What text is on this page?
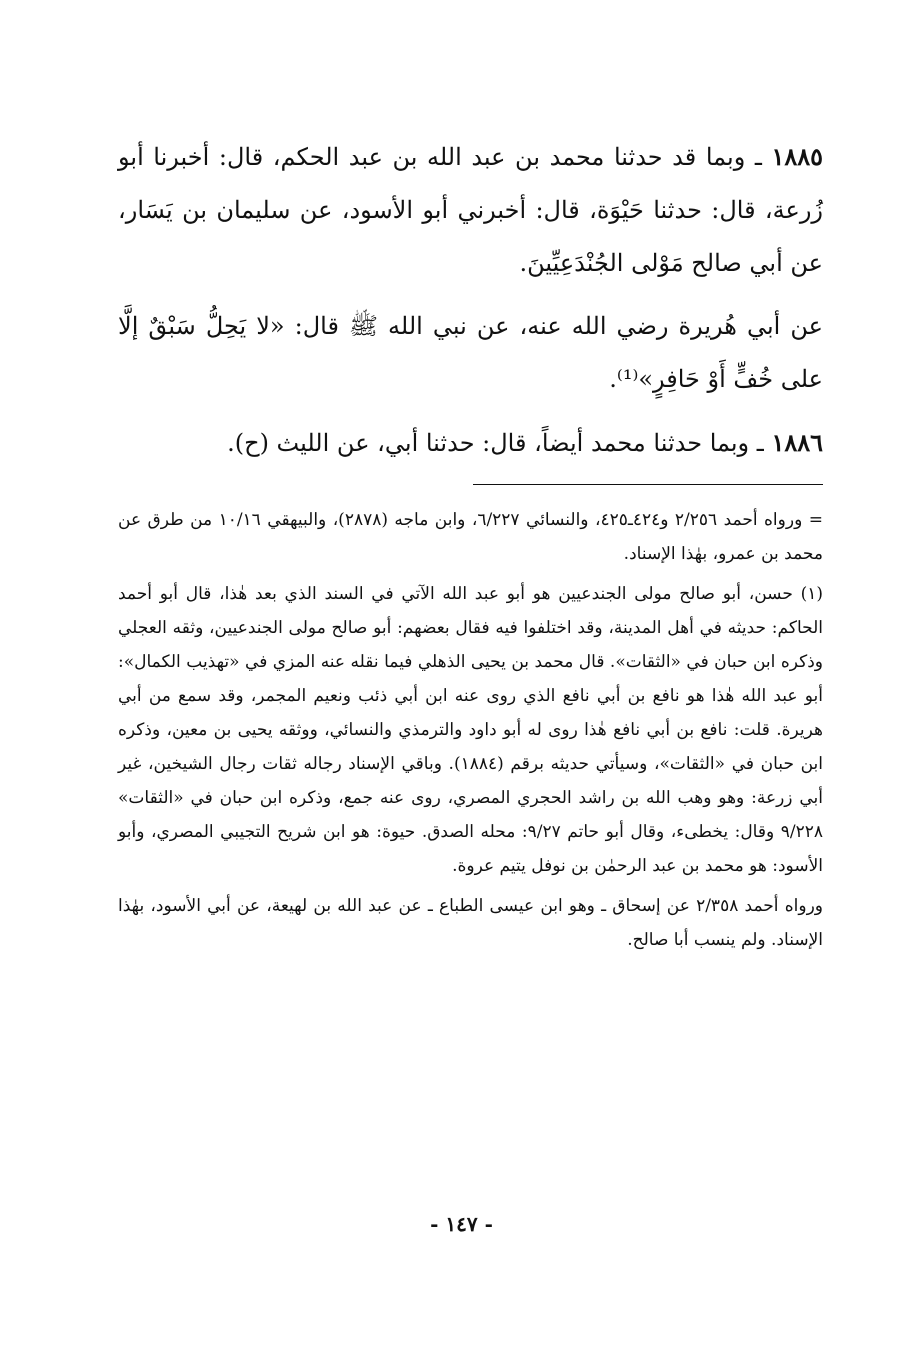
١٨٨٥ ـ وبما قد حدثنا محمد بن عبد الله بن عبد الحكم، قال: أخبرنا أبو زُرعة، قال: حدثنا حَيْوَة، قال: أخبرني أبو الأسود، عن سليمان بن يَسَار، عن أبي صالح مَوْلى الجُنْدَعِيِّينَ.

عن أبي هُريرة رضي الله عنه، عن نبي الله ﷺ قال: «لا يَحِلُّ سَبْقٌ إلَّا على خُفٍّ أَوْ حَافِرٍ»⁽¹⁾.

١٨٨٦ ـ وبما حدثنا محمد أيضاً، قال: حدثنا أبي، عن الليث (ح).

= ورواه أحمد ٢/٢٥٦ و٤٢٤ـ٤٢٥، والنسائي ٦/٢٢٧، وابن ماجه (٢٨٧٨)، والبيهقي ١٠/١٦ من طرق عن محمد بن عمرو، بهٰذا الإسناد.

(١) حسن، أبو صالح مولى الجندعيين هو أبو عبد الله الآتي في السند الذي بعد هٰذا، قال أبو أحمد الحاكم: حديثه في أهل المدينة، وقد اختلفوا فيه فقال بعضهم: أبو صالح مولى الجندعيين، وثقه العجلي وذكره ابن حبان في «الثقات». قال محمد بن يحيى الذهلي فيما نقله عنه المزي في «تهذيب الكمال»: أبو عبد الله هٰذا هو نافع بن أبي نافع الذي روى عنه ابن أبي ذئب ونعيم المجمر، وقد سمع من أبي هريرة. قلت: نافع بن أبي نافع هٰذا روى له أبو داود والترمذي والنسائي، ووثقه يحيى بن معين، وذكره ابن حبان في «الثقات»، وسيأتي حديثه برقم (١٨٨٤). وباقي الإسناد رجاله ثقات رجال الشيخين، غير أبي زرعة: وهو وهب الله بن راشد الحجري المصري، روى عنه جمع، وذكره ابن حبان في «الثقات» ٩/٢٢٨ وقال: يخطىء، وقال أبو حاتم ٩/٢٧: محله الصدق. حيوة: هو ابن شريح التجيبي المصري، وأبو الأسود: هو محمد بن عبد الرحمٰن بن نوفل يتيم عروة.

ورواه أحمد ٢/٣٥٨ عن إسحاق ـ وهو ابن عيسى الطباع ـ عن عبد الله بن لهيعة، عن أبي الأسود، بهٰذا الإسناد. ولم ينسب أبا صالح.

- ١٤٧ -
